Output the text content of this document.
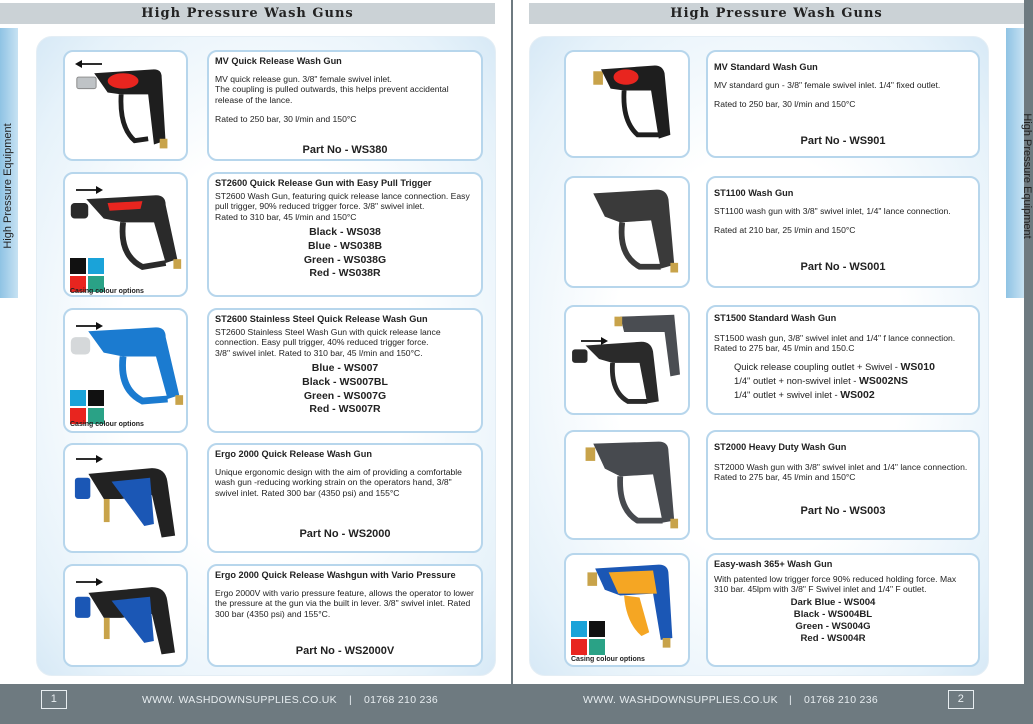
High Pressure Wash Guns
High Pressure Equipment
MV Quick Release Wash Gun

MV quick release gun. 3/8" female swivel inlet.

The coupling is pulled outwards, this helps prevent accidental release of the lance.

Rated to 250 bar, 30 l/min and 150°C

Part No - WS380
Casing colour options
ST2600 Quick Release Gun with Easy Pull Trigger

ST2600 Wash Gun, featuring quick release lance connection. Easy pull trigger, 90% reduced trigger force. 3/8" swivel inlet.

Rated to 310 bar, 45 l/min and 150°C

Black - WS038
Blue - WS038B
Green - WS038G
Red - WS038R
Casing colour options
ST2600 Stainless Steel Quick Release Wash Gun

ST2600 Stainless Steel Wash Gun with quick release lance connection. Easy pull trigger, 40% reduced trigger force.

3/8" swivel inlet. Rated to 310 bar, 45 l/min and 150°C.

Blue - WS007
Black - WS007BL
Green - WS007G
Red - WS007R
Ergo 2000 Quick Release Wash Gun

Unique ergonomic design with the aim of providing a comfortable wash gun -reducing working strain on the operators hand, 3/8" swivel inlet. Rated 300 bar (4350 psi) and 155°C

Part No - WS2000
Ergo 2000 Quick Release Washgun with Vario Pressure

Ergo 2000V with vario pressure feature, allows the operator to lower the pressure at the gun via the built in lever. 3/8" swivel inlet. Rated 300 bar (4350 psi) and 155°C.

Part No - WS2000V
High Pressure Wash Guns
High Pressure Equipment
MV Standard Wash Gun

MV standard gun - 3/8" female swivel inlet. 1/4" fixed outlet.

Rated to 250 bar, 30 l/min and 150°C

Part No - WS901
ST1100 Wash Gun

ST1100 wash gun with 3/8" swivel inlet, 1/4" lance connection.

Rated at 210 bar, 25 l/min and 150°C

Part No - WS001
ST1500 Standard Wash Gun

ST1500 wash gun, 3/8" swivel inlet and 1/4" f lance connection. Rated to 275 bar, 45 l/min and 150.C

Quick release coupling outlet + Swivel - WS010
1/4" outlet + non-swivel inlet - WS002NS
1/4" outlet + swivel inlet - WS002
ST2000 Heavy Duty Wash Gun

ST2000 Wash gun with 3/8" swivel inlet and 1/4" lance connection. Rated to 275 bar, 45 l/min and 150°C

Part No - WS003
Casing colour options
Easy-wash 365+ Wash Gun

With patented low trigger force 90% reduced holding force. Max 310 bar. 45lpm with 3/8" F Swivel inlet and 1/4" F outlet.

Dark Blue - WS004
Black - WS004BL
Green - WS004G
Red - WS004R
1	WWW. WASHDOWNSUPPLIES.CO.UK | 01768 210 236	WWW. WASHDOWNSUPPLIES.CO.UK | 01768 210 236	2
